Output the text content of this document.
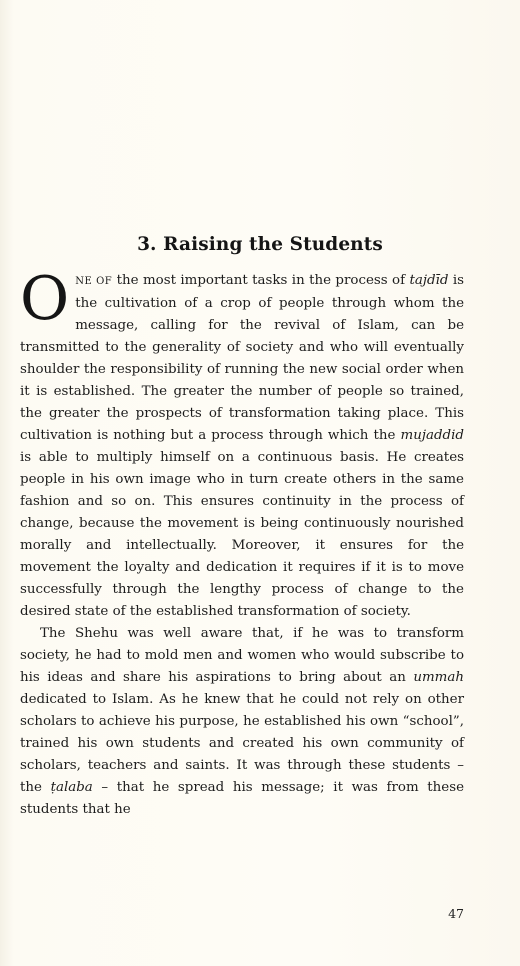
3. Raising the Students

ONE OF the most important tasks in the process of tajdīd is the cultivation of a crop of people through whom the message, calling for the revival of Islam, can be transmitted to the generality of society and who will eventually shoulder the responsibility of running the new social order when it is established. The greater the number of people so trained, the greater the prospects of transformation taking place. This cultivation is nothing but a process through which the mujaddid is able to multiply himself on a continuous basis. He creates people in his own image who in turn create others in the same fashion and so on. This ensures continuity in the process of change, because the movement is being continuously nourished morally and intellectually. Moreover, it ensures for the movement the loyalty and dedication it requires if it is to move successfully through the lengthy process of change to the desired state of the established transformation of society.

The Shehu was well aware that, if he was to transform society, he had to mold men and women who would subscribe to his ideas and share his aspirations to bring about an ummah dedicated to Islam. As he knew that he could not rely on other scholars to achieve his purpose, he established his own “school”, trained his own students and created his own community of scholars, teachers and saints. It was through these students – the ṭalaba – that he spread his message; it was from these students that he

47
